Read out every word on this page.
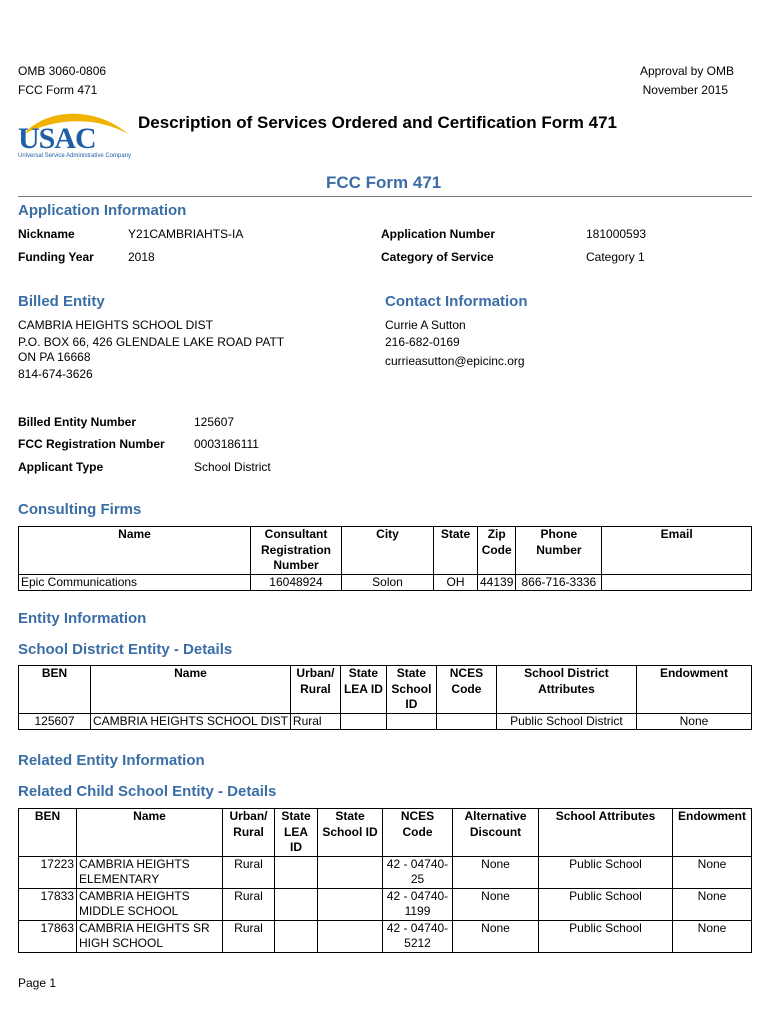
OMB 3060-0806
FCC Form 471
Approval by OMB
November 2015
USAC
Universal Service Administrative Company
Description of Services Ordered and Certification Form 471
FCC Form 471
Application Information
Nickname	Y21CAMBRIAHTS-IA
Funding Year	2018
Application Number	181000593
Category of Service	Category 1
Billed Entity
CAMBRIA HEIGHTS SCHOOL DIST
P.O. BOX 66, 426 GLENDALE LAKE ROAD PATT
ON PA 16668
814-674-3626
Contact Information
Currie A Sutton
216-682-0169
currieasutton@epicinc.org
Billed Entity Number	125607
FCC Registration Number 0003186111
Applicant Type	School District
Consulting Firms
Name	Consultant Registration Number	City	State	Zip Code	Phone Number	Email
Epic Communications	16048924	Solon	OH	44139	866-716-3336	
Entity Information
School District Entity - Details
BEN	Name	Urban/ Rural	State LEA ID	State School ID	NCES Code	School District Attributes	Endowment
125607	CAMBRIA HEIGHTS SCHOOL DIST	Rural				Public School District	None
Related Entity Information
Related Child School Entity - Details
BEN	Name	Urban/ Rural	State LEA ID	State School ID	NCES Code	Alternative Discount	School Attributes	Endowment
17223	CAMBRIA HEIGHTS ELEMENTARY	Rural			42 - 04740- 25	None	Public School	None
17833	CAMBRIA HEIGHTS MIDDLE SCHOOL	Rural			42 - 04740- 1199	None	Public School	None
17863	CAMBRIA HEIGHTS SR HIGH SCHOOL	Rural			42 - 04740- 5212	None	Public School	None
Page 1
